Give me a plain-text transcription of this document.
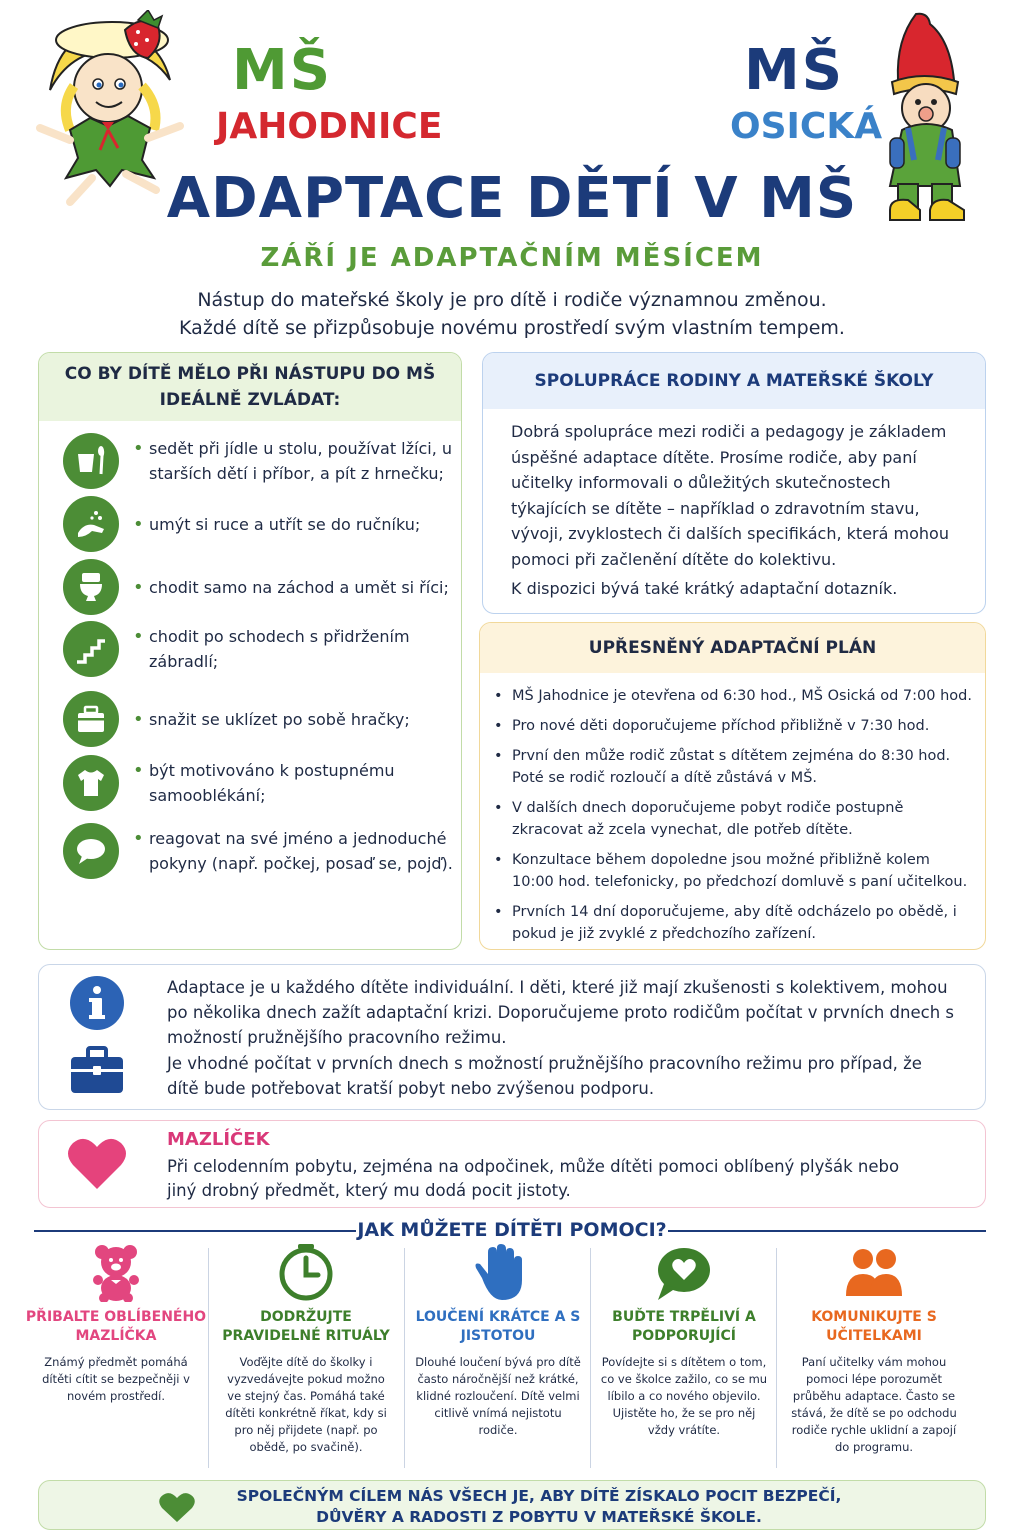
MŠ
JAHODNICE
MŠ
OSICKÁ
ADAPTACE DĚTÍ V MŠ
ZÁŘÍ JE ADAPTAČNÍM MĚSÍCEM
Nástup do mateřské školy je pro dítě i rodiče významnou změnou.
Každé dítě se přizpůsobuje novému prostředí svým vlastním tempem.
CO BY DÍTĚ MĚLO PŘI NÁSTUPU DO MŠ IDEÁLNĚ ZVLÁDAT:
• sedět při jídle u stolu, používat lžíci, u starších dětí i příbor, a pít z hrnečku;
• umýt si ruce a utřít se do ručníku;
• chodit samo na záchod a umět si říci;
• chodit po schodech s přidržením zábradlí;
• snažit se uklízet po sobě hračky;
• být motivováno k postupnému samooblékání;
• reagovat na své jméno a jednoduché pokyny (např. počkej, posaď se, pojď).
SPOLUPRÁCE RODINY A MATEŘSKÉ ŠKOLY
Dobrá spolupráce mezi rodiči a pedagogy je základem úspěšné adaptace dítěte. Prosíme rodiče, aby paní učitelky informovali o důležitých skutečnostech týkajících se dítěte – například o zdravotním stavu, vývoji, zvyklostech či dalších specifikách, která mohou pomoci při začlenění dítěte do kolektivu.
K dispozici bývá také krátký adaptační dotazník.
UPŘESNĚNÝ ADAPTAČNÍ PLÁN
• MŠ Jahodnice je otevřena od 6:30 hod., MŠ Osická od 7:00 hod.
• Pro nové děti doporučujeme příchod přibližně v 7:30 hod.
• První den může rodič zůstat s dítětem zejména do 8:30 hod. Poté se rodič rozloučí a dítě zůstává v MŠ.
• V dalších dnech doporučujeme pobyt rodiče postupně zkracovat až zcela vynechat, dle potřeb dítěte.
• Konzultace během dopoledne jsou možné přibližně kolem 10:00 hod. telefonicky, po předchozí domluvě s paní učitelkou.
• Prvních 14 dní doporučujeme, aby dítě odcházelo po obědě, i pokud je již zvyklé z předchozího zařízení.
Adaptace je u každého dítěte individuální. I děti, které již mají zkušenosti s kolektivem, mohou po několika dnech zažít adaptační krizi. Doporučujeme proto rodičům počítat v prvních dnech s možností pružnějšího pracovního režimu.
Je vhodné počítat v prvních dnech s možností pružnějšího pracovního režimu pro případ, že dítě bude potřebovat kratší pobyt nebo zvýšenou podporu.
MAZLÍČEK
Při celodenním pobytu, zejména na odpočinek, může dítěti pomoci oblíbený plyšák nebo jiný drobný předmět, který mu dodá pocit jistoty.
JAK MŮŽETE DÍTĚTI POMOCI?
PŘIBALTE OBLÍBENÉHO MAZLÍČKA
Známý předmět pomáhá dítěti cítit se bezpečněji v novém prostředí.
DODRŽUJTE PRAVIDELNÉ RITUÁLY
Voďějte dítě do školky i vyzvedávejte pokud možno ve stejný čas. Pomáhá také dítěti konkrétně říkat, kdy si pro něj přijdete (např. po obědě, po svačině).
LOUČENÍ KRÁTCE A S JISTOTOU
Dlouhé loučení bývá pro dítě často náročnější než krátké, klidné rozloučení. Dítě velmi citlivě vnímá nejistotu rodiče.
BUĎTE TRPĚLIVÍ A PODPORUJÍCÍ
Povídejte si s dítětem o tom, co ve školce zažilo, co se mu líbilo a co nového objevilo. Ujistěte ho, že se pro něj vždy vrátíte.
KOMUNIKUJTE S UČITELKAMI
Paní učitelky vám mohou pomoci lépe porozumět průběhu adaptace. Často se stává, že dítě se po odchodu rodiče rychle uklidní a zapojí do programu.
SPOLEČNÝM CÍLEM NÁS VŠECH JE, ABY DÍTĚ ZÍSKALO POCIT BEZPEČÍ,
DŮVĚRY A RADOSTI Z POBYTU V MATEŘSKÉ ŠKOLE.
